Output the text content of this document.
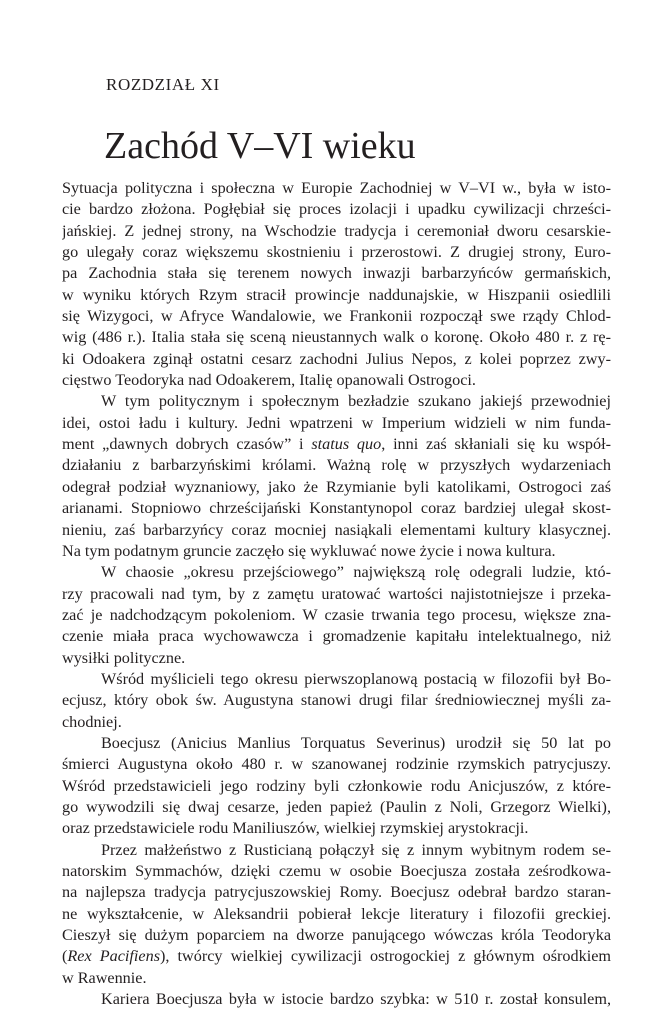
ROZDZIAŁ XI
Zachód V–VI wieku
Sytuacja polityczna i społeczna w Europie Zachodniej w V–VI w., była w isto-
cie bardzo złożona. Pogłębiał się proces izolacji i upadku cywilizacji chrześci-
jańskiej. Z jednej strony, na Wschodzie tradycja i ceremoniał dworu cesarskie-
go ulegały coraz większemu skostnieniu i przerostowi. Z drugiej strony, Euro-
pa Zachodnia stała się terenem nowych inwazji barbarzyńców germańskich,
w wyniku których Rzym stracił prowincje naddunajskie, w Hiszpanii osiedlili
się Wizygoci, w Afryce Wandalowie, we Frankonii rozpoczął swe rządy Chlod-
wig (486 r.). Italia stała się sceną nieustannych walk o koronę. Około 480 r. z rę-
ki Odoakera zginął ostatni cesarz zachodni Julius Nepos, z kolei poprzez zwy-
cięstwo Teodoryka nad Odoakerem, Italię opanowali Ostrogoci.
W tym politycznym i społecznym bezładzie szukano jakiejś przewodniej
idei, ostoi ładu i kultury. Jedni wpatrzeni w Imperium widzieli w nim funda-
ment „dawnych dobrych czasów” i status quo, inni zaś skłaniali się ku współ-
działaniu z barbarzyńskimi królami. Ważną rolę w przyszłych wydarzeniach
odegrał podział wyznaniowy, jako że Rzymianie byli katolikami, Ostrogoci zaś
arianami. Stopniowo chrześcijański Konstantynopol coraz bardziej ulegał skost-
nieniu, zaś barbarzyńcy coraz mocniej nasiąkali elementami kultury klasycznej.
Na tym podatnym gruncie zaczęło się wykluwać nowe życie i nowa kultura.
W chaosie „okresu przejściowego” największą rolę odegrali ludzie, któ-
rzy pracowali nad tym, by z zamętu uratować wartości najistotniejsze i przeka-
zać je nadchodzącym pokoleniom. W czasie trwania tego procesu, większe zna-
czenie miała praca wychowawcza i gromadzenie kapitału intelektualnego, niż
wysiłki polityczne.
Wśród myślicieli tego okresu pierwszoplanową postacią w filozofii był Bo-
ecjusz, który obok św. Augustyna stanowi drugi filar średniowiecznej myśli za-
chodniej.
Boecjusz (Anicius Manlius Torquatus Severinus) urodził się 50 lat po
śmierci Augustyna około 480 r. w szanowanej rodzinie rzymskich patrycjuszy.
Wśród przedstawicieli jego rodziny byli członkowie rodu Anicjuszów, z które-
go wywodzili się dwaj cesarze, jeden papież (Paulin z Noli, Grzegorz Wielki),
oraz przedstawiciele rodu Maniliuszów, wielkiej rzymskiej arystokracji.
Przez małżeństwo z Rusticianą połączył się z innym wybitnym rodem se-
natorskim Symmachów, dzięki czemu w osobie Boecjusza została ześrodkowa-
na najlepsza tradycja patrycjuszowskiej Romy. Boecjusz odebrał bardzo staran-
ne wykształcenie, w Aleksandrii pobierał lekcje literatury i filozofii greckiej.
Cieszył się dużym poparciem na dworze panującego wówczas króla Teodoryka
(Rex Pacifiens), twórcy wielkiej cywilizacji ostrogockiej z głównym ośrodkiem
w Rawennie.
Kariera Boecjusza była w istocie bardzo szybka: w 510 r. został konsulem,
